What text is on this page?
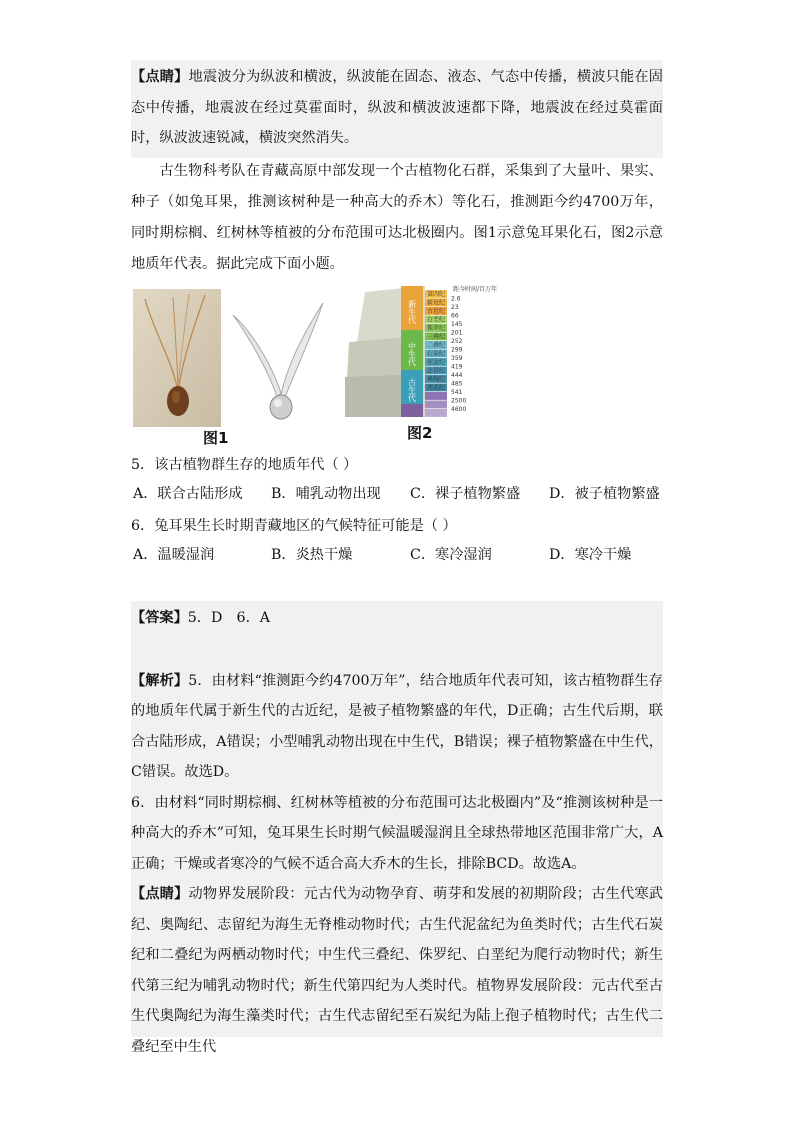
【点睛】地震波分为纵波和横波，纵波能在固态、液态、气态中传播，横波只能在固态中传播，地震波在经过莫霍面时，纵波和横波波速都下降，地震波在经过莫霍面时，纵波波速锐减，横波突然消失。

古生物科考队在青藏高原中部发现一个古植物化石群，采集到了大量叶、果实、种子（如兔耳果，推测该树种是一种高大的乔木）等化石，推测距今约4700万年，同时期棕榈、红树林等植被的分布范围可达北极圈内。图1示意兔耳果化石，图2示意地质年代表。据此完成下面小题。

图1
新生代
中生代
古生代
第四纪
新近纪
古近纪
白垩纪
侏罗纪
三叠纪
二叠纪
石炭纪
泥盆纪
志留纪
奥陶纪
寒武纪
距今时间/百万年
2.6
23
66
145
201
252
299
359
419
444
485
541
2500
4600
图2

5．该古植物群生存的地质年代（ ）

A．联合古陆形成 B．哺乳动物出现 C．裸子植物繁盛 D．被子植物繁盛

6．兔耳果生长时期青藏地区的气候特征可能是（ ）

A．温暖湿润	B．炎热干燥	C．寒冷湿润	D．寒冷干燥

【答案】5．D　6．A

【解析】5．由材料“推测距今约4700万年”，结合地质年代表可知，该古植物群生存的地质年代属于新生代的古近纪，是被子植物繁盛的年代，D正确；古生代后期，联合古陆形成，A错误；小型哺乳动物出现在中生代，B错误；裸子植物繁盛在中生代，C错误。故选D。

6．由材料“同时期棕榈、红树林等植被的分布范围可达北极圈内”及“推测该树种是一种高大的乔木”可知，兔耳果生长时期气候温暖湿润且全球热带地区范围非常广大，A正确；干燥或者寒冷的气候不适合高大乔木的生长，排除BCD。故选A。

【点睛】动物界发展阶段：元古代为动物孕育、萌芽和发展的初期阶段；古生代寒武纪、奥陶纪、志留纪为海生无脊椎动物时代；古生代泥盆纪为鱼类时代；古生代石炭纪和二叠纪为两栖动物时代；中生代三叠纪、侏罗纪、白垩纪为爬行动物时代；新生代第三纪为哺乳动物时代；新生代第四纪为人类时代。植物界发展阶段：元古代至古生代奥陶纪为海生藻类时代；古生代志留纪至石炭纪为陆上孢子植物时代；古生代二叠纪至中生代
